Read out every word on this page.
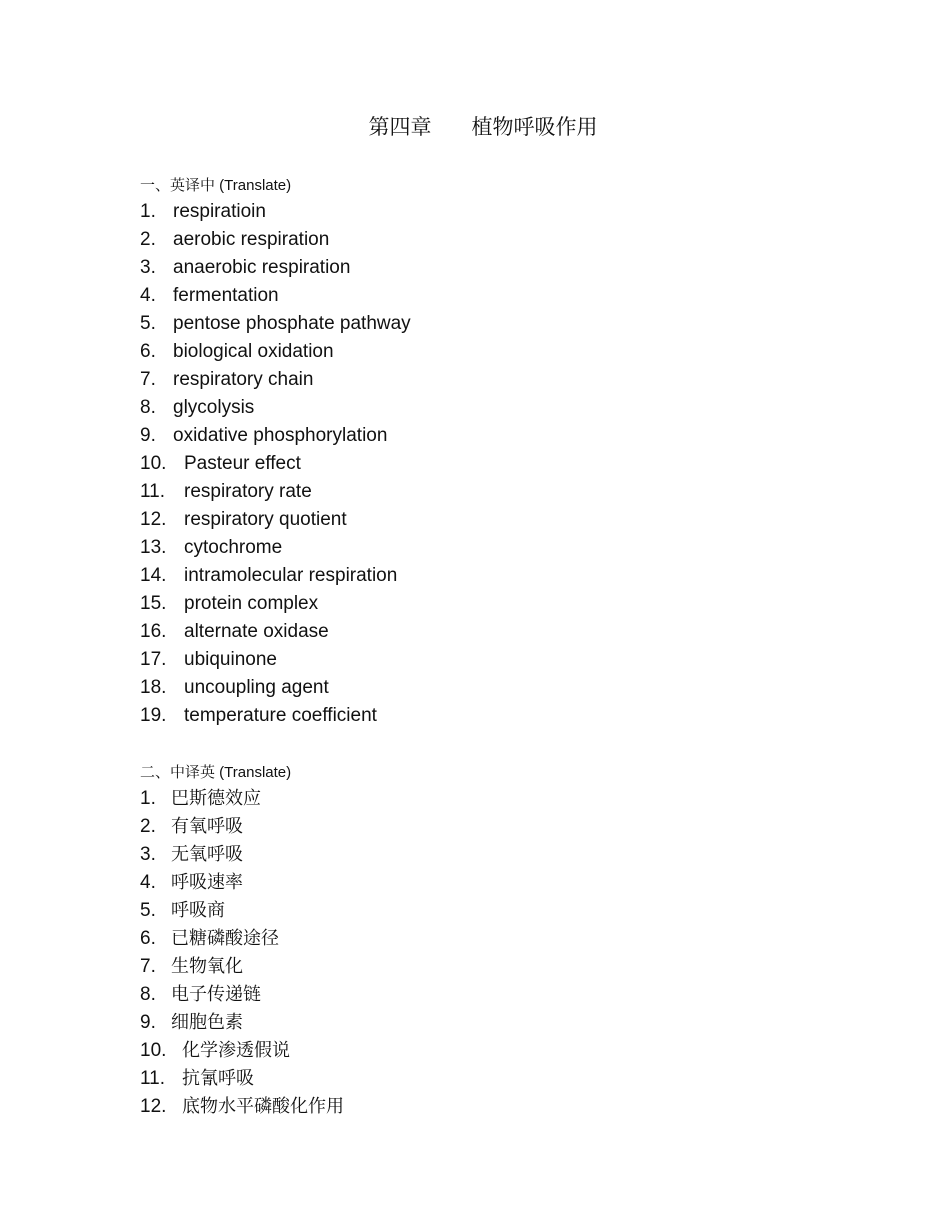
第四章      植物呼吸作用
一、英译中 (Translate)
1. respiratioin
2. aerobic respiration
3. anaerobic respiration
4. fermentation
5. pentose phosphate pathway
6. biological oxidation
7. respiratory chain
8. glycolysis
9. oxidative phosphorylation
10. Pasteur effect
11. respiratory rate
12. respiratory quotient
13. cytochrome
14. intramolecular respiration
15. protein complex
16. alternate oxidase
17. ubiquinone
18. uncoupling agent
19. temperature coefficient
二、中译英 (Translate)
1. 巴斯德效应
2. 有氧呼吸
3. 无氧呼吸
4. 呼吸速率
5. 呼吸商
6. 已糖磷酸途径
7. 生物氧化
8. 电子传递链
9. 细胞色素
10. 化学渗透假说
11. 抗氰呼吸
12. 底物水平磷酸化作用
